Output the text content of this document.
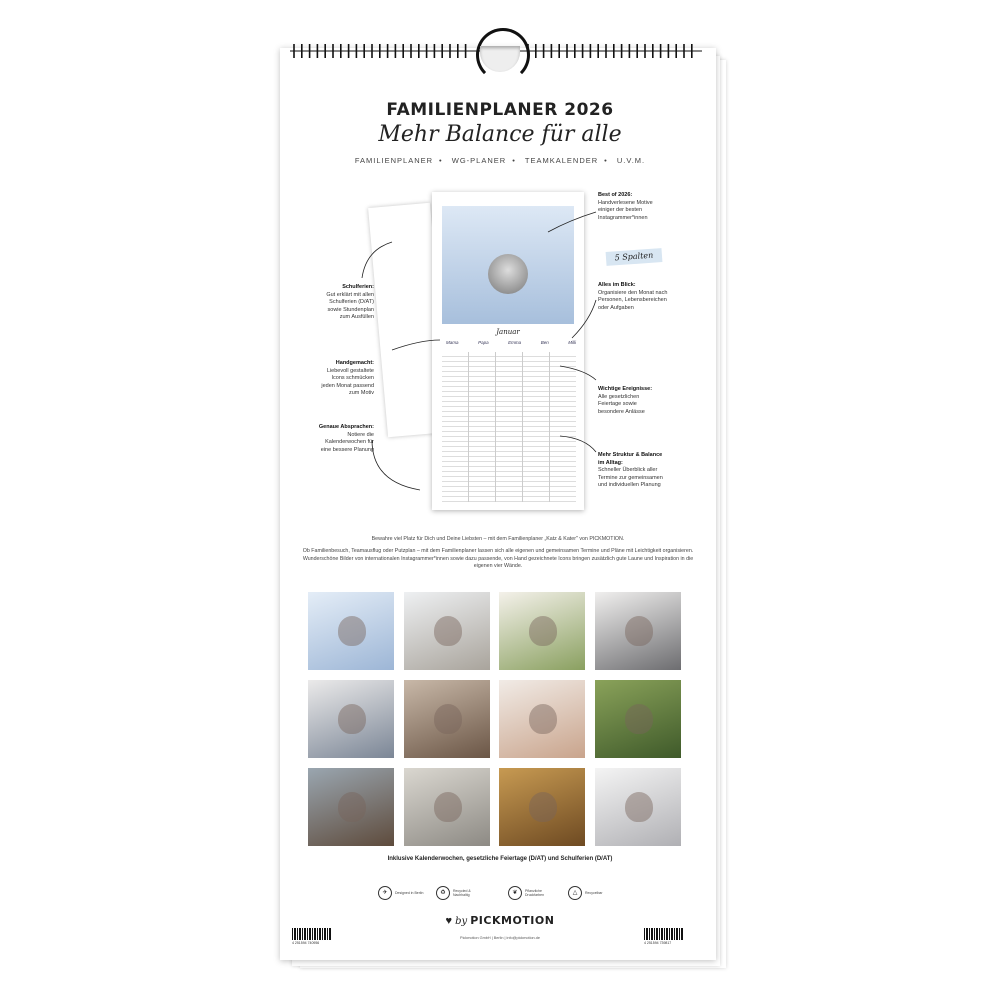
FAMILIENPLANER 2026
Mehr Balance für alle
FAMILIENPLANER • WG-PLANER • TEAMKALENDER • U.V.M.
Januar
Mama	Papa	Emma	Ben	Milli
5 Spalten
Best of 2026:
Handverlesene Motive einiger der besten Instagrammer*innen
Alles im Blick:
Organisiere den Monat nach Personen, Lebensbereichen oder Aufgaben
Wichtige Ereignisse:
Alle gesetzlichen Feiertage sowie besondere Anlässe
Mehr Struktur & Balance im Alltag:
Schneller Überblick aller Termine zur gemeinsamen und individuellen Planung
Schulferien:
Gut erklärt mit allen Schulferien (D/AT) sowie Stundenplan zum Ausfüllen
Handgemacht:
Liebevoll gestaltete Icons schmücken jeden Monat passend zum Motiv
Genaue Absprachen:
Notiere die Kalenderwochen für eine bessere Planung
Bewahre viel Platz für Dich und Deine Liebsten – mit dem Familienplaner „Katz & Kater" von PICKMOTION.
Ob Familienbesuch, Teamausflug oder Putzplan – mit dem Familienplaner lassen sich alle eigenen und gemeinsamen Termine und Pläne mit Leichtigkeit organisieren. Wunderschöne Bilder von internationalen Instagrammer*innen sowie dazu passende, von Hand gezeichnete Icons bringen zusätzlich gute Laune und Inspiration in die eigenen vier Wände.
Inklusive Kalenderwochen, gesetzliche Feiertage (D/AT) und Schulferien (D/AT)
✈	Designed in Berlin	♻	Recycled & Nachhaltig	❦	Pflanzliche Druckfarben	△	Recycelbar
♥ by PICKMOTION
Pickmotion GmbH | Berlin | info@pickmotion.de
4 251594 740956	4 251594 739817
